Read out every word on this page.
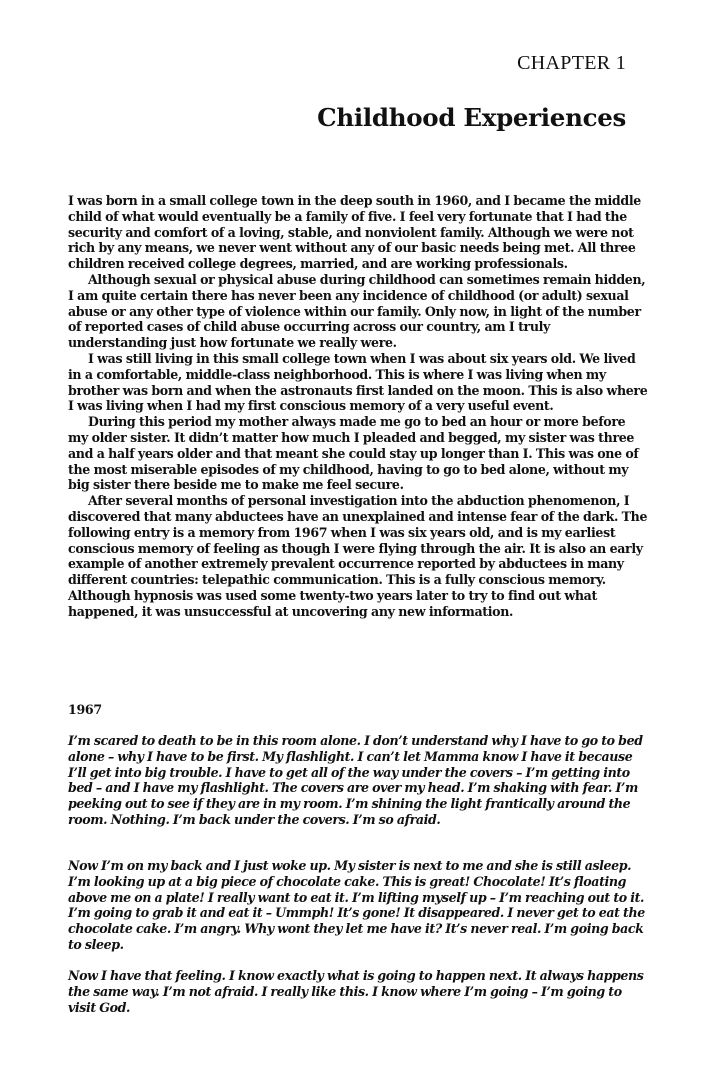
CHAPTER 1
Childhood Experiences

I was born in a small college town in the deep south in 1960, and I became the middle child of what would eventually be a family of five. I feel very fortunate that I had the security and comfort of a loving, stable, and nonviolent family. Although we were not rich by any means, we never went without any of our basic needs being met. All three children received college degrees, married, and are working professionals.

Although sexual or physical abuse during childhood can sometimes remain hidden, I am quite certain there has never been any incidence of childhood (or adult) sexual abuse or any other type of violence within our family. Only now, in light of the number of reported cases of child abuse occurring across our country, am I truly understanding just how fortunate we really were.

I was still living in this small college town when I was about six years old. We lived in a comfortable, middle-class neighborhood. This is where I was living when my brother was born and when the astronauts first landed on the moon. This is also where I was living when I had my first conscious memory of a very useful event.

During this period my mother always made me go to bed an hour or more before my older sister. It didn’t matter how much I pleaded and begged, my sister was three and a half years older and that meant she could stay up longer than I. This was one of the most miserable episodes of my childhood, having to go to bed alone, without my big sister there beside me to make me feel secure.

After several months of personal investigation into the abduction phenomenon, I discovered that many abductees have an unexplained and intense fear of the dark. The following entry is a memory from 1967 when I was six years old, and is my earliest conscious memory of feeling as though I were flying through the air. It is also an early example of another extremely prevalent occurrence reported by abductees in many different countries: telepathic communication. This is a fully conscious memory. Although hypnosis was used some twenty-two years later to try to find out what happened, it was unsuccessful at uncovering any new information.

1967

I’m scared to death to be in this room alone. I don’t understand why I have to go to bed alone – why I have to be first. My flashlight. I can’t let Mamma know I have it because I’ll get into big trouble. I have to get all of the way under the covers – I’m getting into bed – and I have my flashlight. The covers are over my head. I’m shaking with fear. I’m peeking out to see if they are in my room. I’m shining the light frantically around the room. Nothing. I’m back under the covers. I’m so afraid.

Now I’m on my back and I just woke up. My sister is next to me and she is still asleep. I’m looking up at a big piece of chocolate cake. This is great! Chocolate! It’s floating above me on a plate! I really want to eat it. I’m lifting myself up – I’m reaching out to it. I’m going to grab it and eat it – Ummph! It’s gone! It disappeared. I never get to eat the chocolate cake. I’m angry. Why wont they let me have it? It’s never real. I’m going back to sleep.

Now I have that feeling. I know exactly what is going to happen next. It always happens the same way. I’m not afraid. I really like this. I know where I’m going – I’m going to visit God.
